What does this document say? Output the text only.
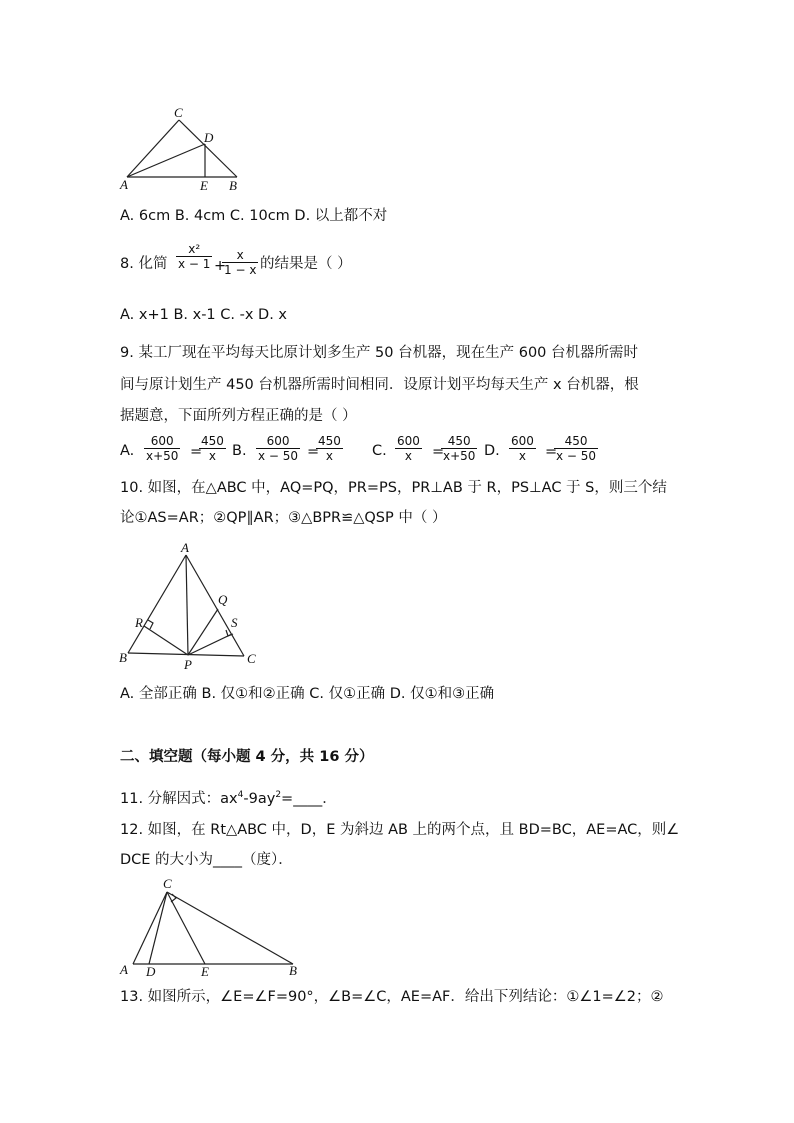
C
D
A	E B
A. 6cm B. 4cm C. 10cm D. 以上都不对
8. 化简 $\frac{\text{x²}}{x - 1}$ +
$\frac{x}{1 - x}$ 的结果是（ ）
A. x+1 B. x-1 C. -x D. x
9. 某工厂现在平均每天比原计划多生产 50 台机器，现在生产 600 台机器所需时
间与原计划生产 450 台机器所需时间相同．设原计划平均每天生产 x 台机器，根
据题意，下面所列方程正确的是（ ）
A. $\frac{600}{x+50}$ =
$\frac{450}{x} B$. $\frac{600}{x - 50}$ =
$\frac{450}{x} C$. $\frac{600}{x}$ =
$\frac{450}{x+50} D$. $\frac{600}{x}$ =
$\frac{450}{x - 50}$
10. 如图，在△ABC 中，AQ=PQ，PR=PS，PR⊥AB 于 R，PS⊥AC 于 S，则三个结
论①AS=AR；②QP∥AR；③△BPR≌△QSP 中（ ）
A
Q
R	S
B	P	C
A. 全部正确 B. 仅①和②正确 C. 仅①正确 D. 仅①和③正确
二、填空题（每小题 4 分，共 16 分）
11. 分解因式：$ax^4-9ay^2=\_\_\_\_$．
12. 如图，在 Rt△ABC 中，D，E 为斜边 AB 上的两个点，且 BD=BC，AE=AC，则∠
DCE 的大小为____（度）．
C
A D	E	B
13. 如图所示，∠E=∠F=90°，∠B=∠C，AE=AF．给出下列结论：①∠1=∠2；②
